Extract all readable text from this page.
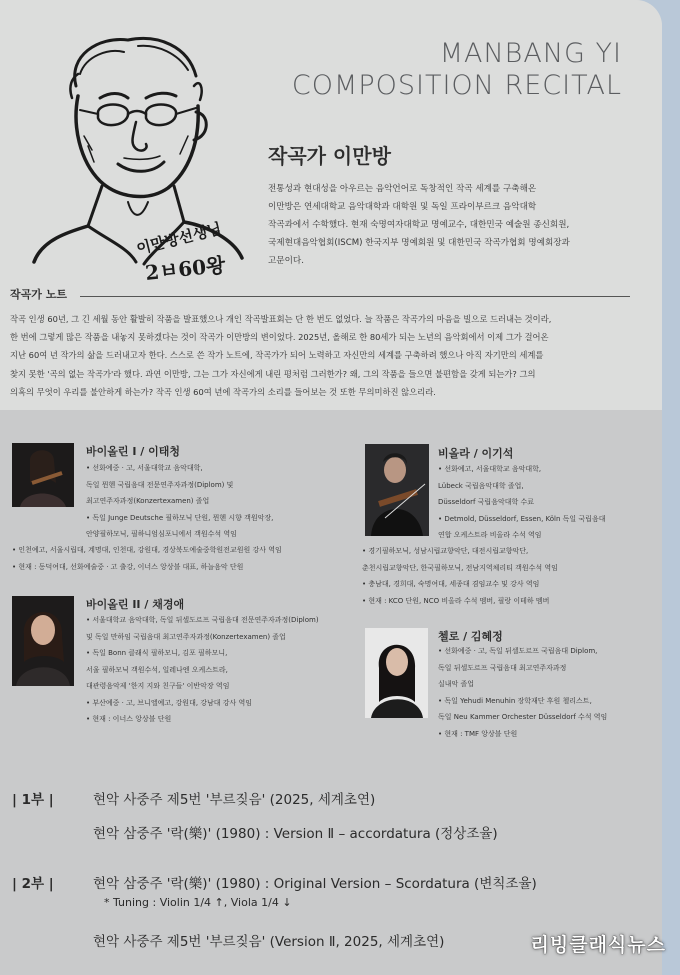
MANBANG YI
COMPOSITION RECITAL
이만방선생님
2ㅂ60왕
작곡가 이만방
전통성과 현대성을 아우르는 음악언어로 독창적인 작곡 세계를 구축해온
이만방은 연세대학교 음악대학과 대학원 및 독일 프라이부르크 음악대학
작곡과에서 수학했다. 현재 숙명여자대학교 명예교수, 대한민국 예술원 종신회원,
국제현대음악협회(ISCM) 한국지부 명예회원 및 대한민국 작곡가협회 명예회장과
고문이다.
작곡가 노트
작곡 인생 60년, 그 긴 세월 동안 활발히 작품을 발표했으나 개인 작곡발표회는 단 한 번도 없었다. 늘 작품은 작곡가의 마음을 빌으로 드러내는 것이라,
한 번에 그렇게 많은 작품을 내놓지 못하겠다는 것이 작곡가 이만방의 변이었다. 2025년, 올해로 한 80세가 되는 노년의 음악회에서 이제 그가 걸어온
지난 60여 년 작가의 삶을 드러내고자 한다. 스스로 쓴 작가 노트에, 작곡가가 되어 노력하고 자신만의 세계를 구축하려 했으나 아직 자기만의 세계를
찾지 못한 '곡의 없는 작곡가'라 했다. 과연 이만방, 그는 그가 자신에게 내린 평처럼 그러한가? 왜, 그의 작품을 들으면 불편함을 갖게 되는가? 그의
의혹의 무엇이 우리를 불안하게 하는가? 작곡 인생 60여 년에 작곡가의 소리를 들어보는 것 또한 무의미하진 않으리라.
바이올린 I / 이태청
• 선화예중 · 고, 서울대학교 음악대학,
독일 뮌헨 국립음대 전문연주자과정(Diplom) 및
최고연주자과정(Konzertexamen) 졸업
• 독일 Junge Deutsche 필하모닉 단원, 뮌헨 시향 객원악장,
안양필하모닉, 필하니엄심포니에서 객원수석 역임
• 인천예고, 서울시립대, 계명대, 인천대, 강원대, 경상북도예술중학원전교원원 강사 역임
• 현재 : 동덕여대, 선화예술중 · 고 출강, 이너스 앙상블 대표, 하늘음악 단원
비올라 / 이기석
• 선화예고, 서울대학교 음악대학,
Lübeck 국립음악대학 졸업,
Düsseldorf 국립음악대학 수료
• Detmold, Düsseldorf, Essen, Köln 독일 국립음대
연합 오케스트라 비올라 수석 역임
• 경기필하모닉, 성남시립교향악단, 대전시립교향악단,
춘천시립교향악단, 한국필하모닉, 전남지역체리티 객원수석 역임
• 충남대, 경희대, 숙명여대, 세종대 겸임교수 및 강사 역임
• 현재 : KCO 단원, NCO 비올라 수석 멤버, 필랑 이테하 멤버
바이올린 II / 채경애
• 서울대학교 음악대학, 독일 뒤셀도르프 국립음대 전문연주자과정(Diplom)
및 독일 만하임 국립음대 최고연주자과정(Konzertexamen) 졸업
• 독일 Bonn 클래식 필하모니, 김포 필하모니,
서울 필하모닉 객원수석, 일레나엔 오케스트라,
대관령음악제 '한지 지와 친구들' 이반악장 역임
• 부산예중 · 고, 브니엘예고, 강원대, 강남대 강사 역임
• 현재 : 이너스 앙상블 단원
첼로 / 김혜정
• 선화예중 · 고, 독일 뒤셀도르프 국립음대 Diplom,
독일 뒤셀도르프 국립음대 최고연주자과정
실내악 졸업
• 독일 Yehudi Menuhin 장학재단 후원 첼리스트,
독일 Neu Kammer Orchester Düsseldorf 수석 역임
• 현재 : TMF 앙상블 단원
| 1부 |	현악 사중주 제5번 '부르짖음' (2025, 세계초연)
현악 삼중주 '락(樂)' (1980) : Version Ⅱ – accordatura (정상조율)
| 2부 |	현악 삼중주 '락(樂)' (1980) : Original Version – Scordatura (변칙조율)
* Tuning : Violin 1/4 ↑, Viola 1/4 ↓
현악 사중주 제5번 '부르짖음' (Version Ⅱ, 2025, 세계초연)	리빙클래식뉴스
